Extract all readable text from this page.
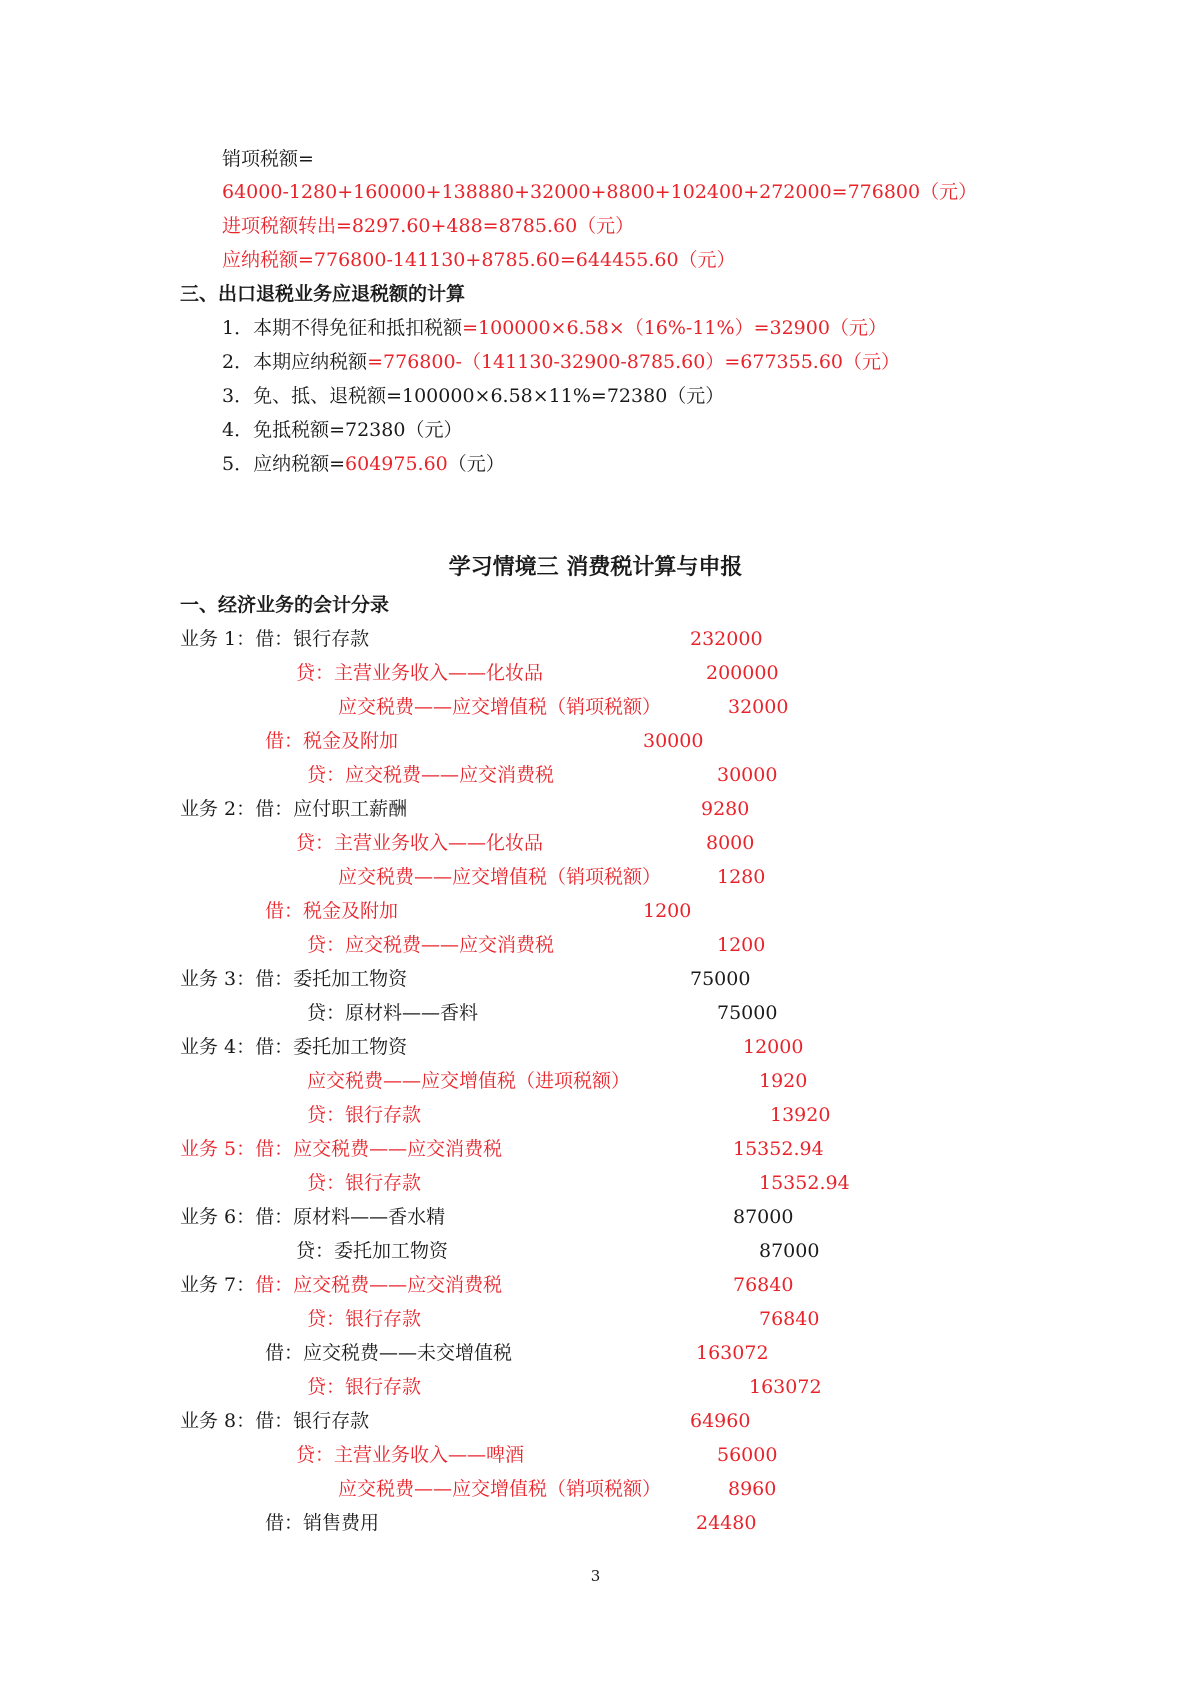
销项税额=
64000-1280+160000+138880+32000+8800+102400+272000=776800（元）
进项税额转出=8297.60+488=8785.60（元）
应纳税额=776800-141130+8785.60=644455.60（元）
三、出口退税业务应退税额的计算
1．本期不得免征和抵扣税额=100000×6.58×（16%-11%）=32900（元）
2．本期应纳税额=776800-（141130-32900-8785.60）=677355.60（元）
3．免、抵、退税额=100000×6.58×11%=72380（元）
4．免抵税额=72380（元）
5．应纳税额=604975.60（元）
学习情境三 消费税计算与申报
一、经济业务的会计分录
业务 1：借：银行存款	232000
贷：主营业务收入——化妆品	200000
应交税费——应交增值税（销项税额）	32000
借：税金及附加	30000
贷：应交税费——应交消费税	30000
业务 2：借：应付职工薪酬	9280
贷：主营业务收入——化妆品	8000
应交税费——应交增值税（销项税额）	1280
借：税金及附加	1200
贷：应交税费——应交消费税	1200
业务 3：借：委托加工物资	75000
贷：原材料——香料	75000
业务 4：借：委托加工物资	12000
应交税费——应交增值税（进项税额）	1920
贷：银行存款	13920
业务 5：借：应交税费——应交消费税	15352.94
贷：银行存款	15352.94
业务 6：借：原材料——香水精	87000
贷：委托加工物资	87000
业务 7：借：应交税费——应交消费税	76840
贷：银行存款	76840
借：应交税费——未交增值税	163072
贷：银行存款	163072
业务 8：借：银行存款	64960
贷：主营业务收入——啤酒	56000
应交税费——应交增值税（销项税额）	8960
借：销售费用	24480
3
